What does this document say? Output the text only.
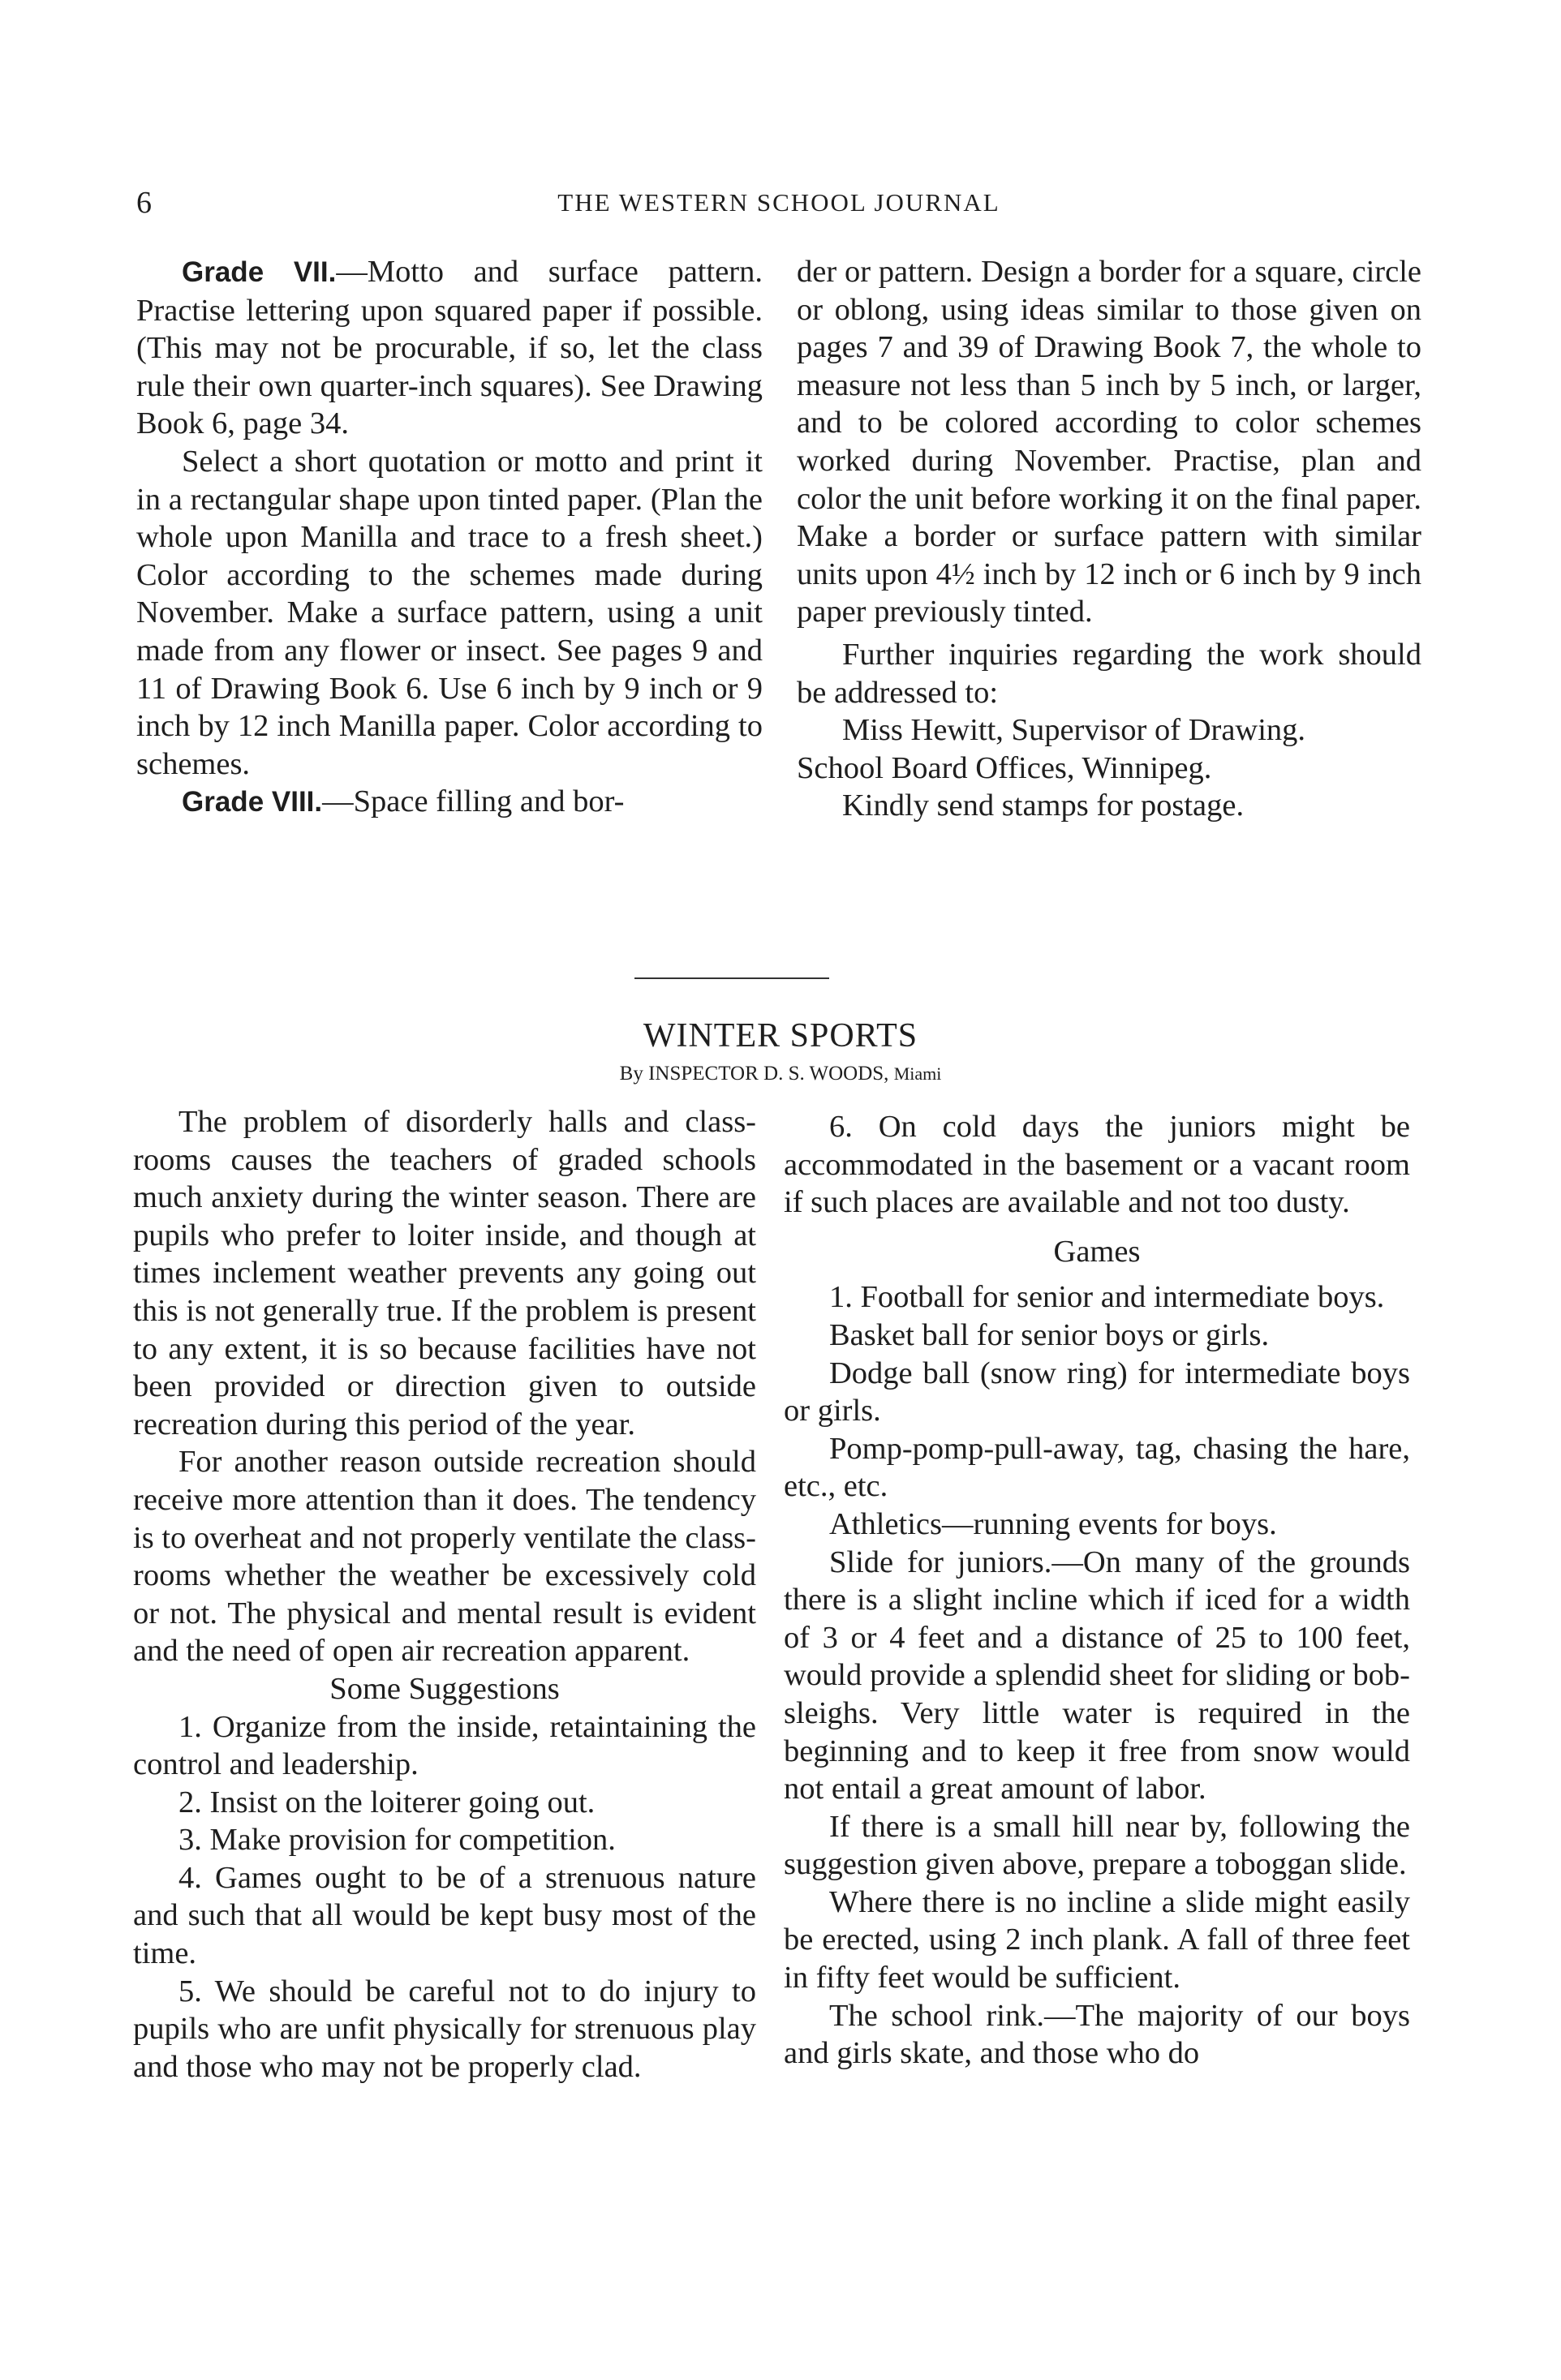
6	THE WESTERN SCHOOL JOURNAL

Grade VII.—Motto and surface pattern. Practise lettering upon squared paper if possible. (This may not be procurable, if so, let the class rule their own quarter-inch squares). See Drawing Book 6, page 34.

Select a short quotation or motto and print it in a rectangular shape upon tinted paper. (Plan the whole upon Manilla and trace to a fresh sheet.) Color according to the schemes made during November. Make a surface pattern, using a unit made from any flower or insect. See pages 9 and 11 of Drawing Book 6. Use 6 inch by 9 inch or 9 inch by 12 inch Manilla paper. Color according to schemes.

Grade VIII.—Space filling and bor-

der or pattern. Design a border for a square, circle or oblong, using ideas similar to those given on pages 7 and 39 of Drawing Book 7, the whole to measure not less than 5 inch by 5 inch, or larger, and to be colored according to color schemes worked during November. Practise, plan and color the unit before working it on the final paper. Make a border or surface pattern with similar units upon 4½ inch by 12 inch or 6 inch by 9 inch paper previously tinted.

Further inquiries regarding the work should be addressed to:

Miss Hewitt, Supervisor of Drawing.

School Board Offices, Winnipeg.

Kindly send stamps for postage.

WINTER SPORTS
By INSPECTOR D. S. WOODS, Miami

The problem of disorderly halls and class-rooms causes the teachers of graded schools much anxiety during the winter season. There are pupils who prefer to loiter inside, and though at times inclement weather prevents any going out this is not generally true. If the problem is present to any extent, it is so because facilities have not been provided or direction given to outside recreation during this period of the year.

For another reason outside recreation should receive more attention than it does. The tendency is to overheat and not properly ventilate the class-rooms whether the weather be excessively cold or not. The physical and mental result is evident and the need of open air recreation apparent.

Some Suggestions

1. Organize from the inside, retaintaining the control and leadership.

2. Insist on the loiterer going out.

3. Make provision for competition.

4. Games ought to be of a strenuous nature and such that all would be kept busy most of the time.

5. We should be careful not to do injury to pupils who are unfit physically for strenuous play and those who may not be properly clad.

6. On cold days the juniors might be accommodated in the basement or a vacant room if such places are available and not too dusty.

Games

1. Football for senior and intermediate boys.

Basket ball for senior boys or girls.

Dodge ball (snow ring) for intermediate boys or girls.

Pomp-pomp-pull-away, tag, chasing the hare, etc., etc.

Athletics—running events for boys.

Slide for juniors.—On many of the grounds there is a slight incline which if iced for a width of 3 or 4 feet and a distance of 25 to 100 feet, would provide a splendid sheet for sliding or bob-sleighs. Very little water is required in the beginning and to keep it free from snow would not entail a great amount of labor.

If there is a small hill near by, following the suggestion given above, prepare a toboggan slide.

Where there is no incline a slide might easily be erected, using 2 inch plank. A fall of three feet in fifty feet would be sufficient.

The school rink.—The majority of our boys and girls skate, and those who do
